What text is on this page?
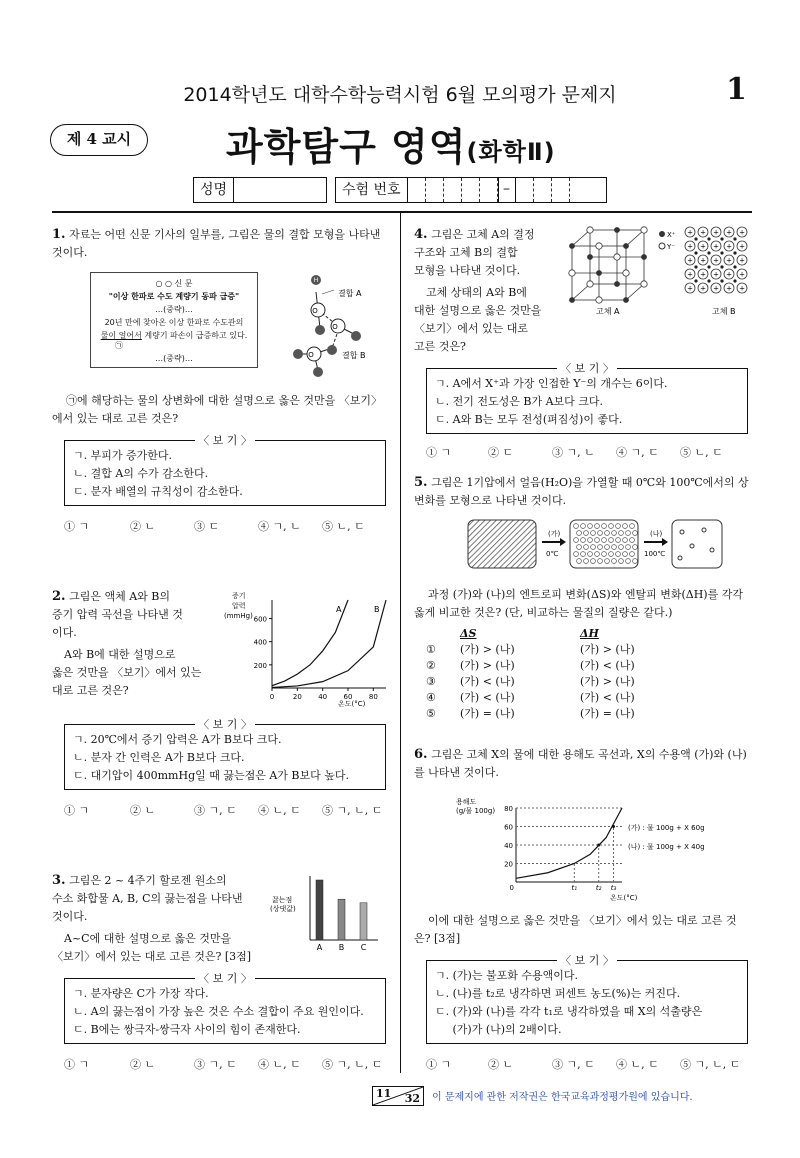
2014학년도 대학수학능력시험 6월 모의평가 문제지	1
제 4 교시	과학탐구 영역(화학Ⅱ)
성명	수험 번호	–
1. 자료는 어떤 신문 기사의 일부를, 그림은 물의 결합 모형을 나타낸 것이다.
○ ○ 신 문
"이상 한파로 수도 계량기 동파 급증"
…(중략)…
20년 만에 찾아온 이상 한파로 수도관의
물이 얼어서 계량기 파손이 급증하고 있다.
㉠
…(중략)…
O
O
O
H
결합 A
결합 B
㉠에 해당하는 물의 상변화에 대한 설명으로 옳은 것만을 〈보기〉에서 있는 대로 고른 것은?
〈 보 기 〉
ㄱ. 부피가 증가한다.
ㄴ. 결합 A의 수가 감소한다.
ㄷ. 분자 배열의 규칙성이 감소한다.
① ㄱ	② ㄴ	③ ㄷ	④ ㄱ, ㄴ	⑤ ㄴ, ㄷ
2. 그림은 액체 A와 B의
증기 압력 곡선을 나타낸 것
이다.
A와 B에 대한 설명으로
옳은 것만을 〈보기〉에서 있는
대로 고른 것은?
증기
압력
(mmHg)
온도(°C)
0	20 40 60 80
200
400
600
A	B
〈 보 기 〉
ㄱ. 20℃에서 증기 압력은 A가 B보다 크다.
ㄴ. 분자 간 인력은 A가 B보다 크다.
ㄷ. 대기압이 400mmHg일 때 끓는점은 A가 B보다 높다.
① ㄱ	② ㄴ	③ ㄱ, ㄷ	④ ㄴ, ㄷ	⑤ ㄱ, ㄴ, ㄷ
3. 그림은 2 ~ 4주기 할로젠 원소의
수소 화합물 A, B, C의 끓는점을 나타낸
것이다.
A~C에 대한 설명으로 옳은 것만을
〈보기〉에서 있는 대로 고른 것은? [3점]
끓는점
(상댓값)
A B C
〈 보 기 〉
ㄱ. 분자량은 C가 가장 작다.
ㄴ. A의 끓는점이 가장 높은 것은 수소 결합이 주요 원인이다.
ㄷ. B에는 쌍극자-쌍극자 사이의 힘이 존재한다.
① ㄱ	② ㄴ	③ ㄱ, ㄷ	④ ㄴ, ㄷ	⑤ ㄱ, ㄴ, ㄷ
4. 그림은 고체 A의 결정
구조와 고체 B의 결합
모형을 나타낸 것이다.
고체 상태의 A와 B에
대한 설명으로 옳은 것만을
〈보기〉에서 있는 대로
고른 것은?
X⁺
Y⁻
+ + + + +
+ + + + +
+ + + + +
+ + + + +
+ + + + +
고체 A	고체 B
〈 보 기 〉
ㄱ. A에서 X⁺과 가장 인접한 Y⁻의 개수는 6이다.
ㄴ. 전기 전도성은 B가 A보다 크다.
ㄷ. A와 B는 모두 전성(펴짐성)이 좋다.
① ㄱ	② ㄷ	③ ㄱ, ㄴ	④ ㄱ, ㄷ	⑤ ㄴ, ㄷ
5. 그림은 1기압에서 얼음(H₂O)을 가열할 때 0℃와 100℃에서의 상변화를 모형으로 나타낸 것이다.
(가)
0℃
(나)
100℃
과정 (가)와 (나)의 엔트로피 변화(ΔS)와 엔탈피 변화(ΔH)를 각각 옳게 비교한 것은? (단, 비교하는 물질의 질량은 같다.)
ΔS	ΔH
①	(가) > (나)	(가) > (나)
②	(가) > (나)	(가) < (나)
③	(가) < (나)	(가) > (나)
④	(가) < (나)	(가) < (나)
⑤	(가) = (나)	(가) = (나)
6. 그림은 고체 X의 물에 대한 용해도 곡선과, X의 수용액 (가)와 (나)를 나타낸 것이다.
용해도
(g/물 100g)
온도(°C)
(가) : 물 100g + X 60g
(나) : 물 100g + X 40g
0
20
40
60
80
t₁	t₂ t₃
이에 대한 설명으로 옳은 것만을 〈보기〉에서 있는 대로 고른 것은? [3점]
〈 보 기 〉
ㄱ. (가)는 불포화 수용액이다.
ㄴ. (나)를 t₂로 냉각하면 퍼센트 농도(%)는 커진다.
ㄷ. (가)와 (나)를 각각 t₁로 냉각하였을 때 X의 석출량은
(가)가 (나)의 2배이다.
① ㄱ	② ㄴ	③ ㄱ, ㄷ	④ ㄴ, ㄷ	⑤ ㄱ, ㄴ, ㄷ
11 32 이 문제지에 관한 저작권은 한국교육과정평가원에 있습니다.
